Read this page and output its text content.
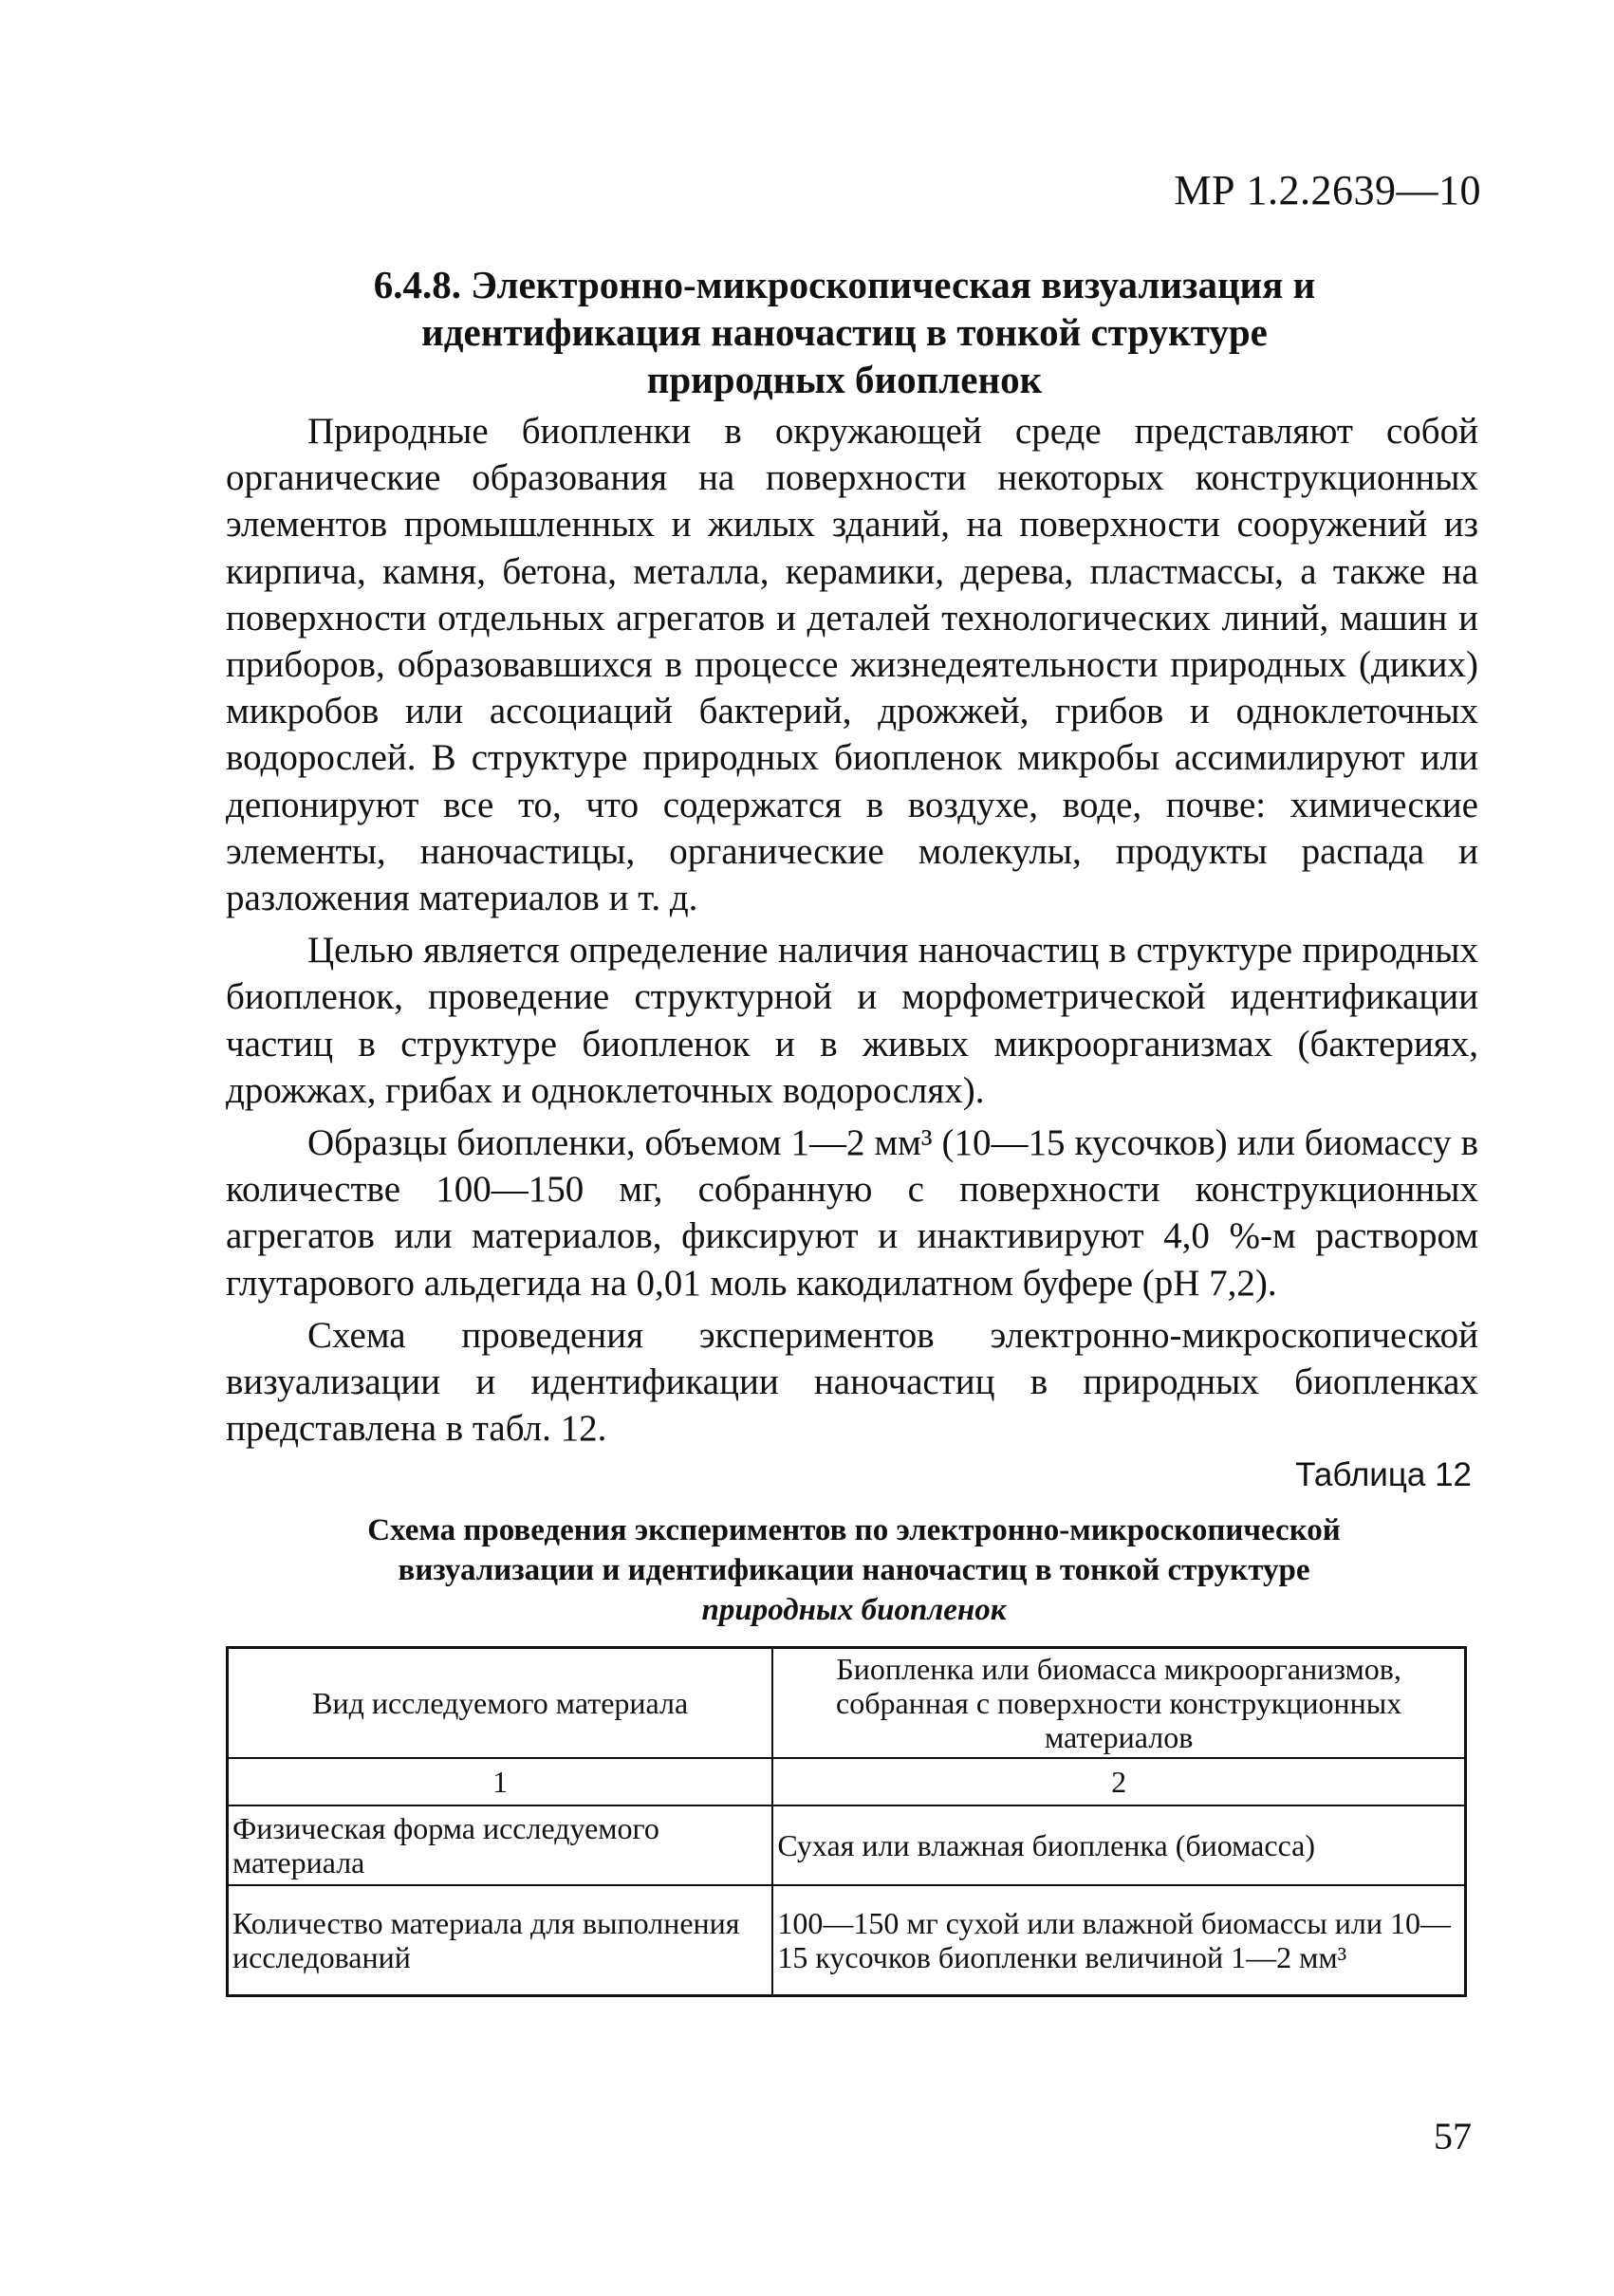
МР 1.2.2639—10
6.4.8. Электронно-микроскопическая визуализация и
идентификация наночастиц в тонкой структуре
природных биопленок

Природные биопленки в окружающей среде представляют собой органические образования на поверхности некоторых конструкционных элементов промышленных и жилых зданий, на поверхности сооружений из кирпича, камня, бетона, металла, керамики, дерева, пластмассы, а также на поверхности отдельных агрегатов и деталей технологических линий, машин и приборов, образовавшихся в процессе жизнедеятельности природных (диких) микробов или ассоциаций бактерий, дрожжей, грибов и одноклеточных водорослей. В структуре природных биопленок микробы ассимилируют или депонируют все то, что содержатся в воздухе, воде, почве: химические элементы, наночастицы, органические молекулы, продукты распада и разложения материалов и т. д.

Целью является определение наличия наночастиц в структуре природных биопленок, проведение структурной и морфометрической идентификации частиц в структуре биопленок и в живых микроорганизмах (бактериях, дрожжах, грибах и одноклеточных водорослях).

Образцы биопленки, объемом 1—2 мм³ (10—15 кусочков) или биомассу в количестве 100—150 мг, собранную с поверхности конструкционных агрегатов или материалов, фиксируют и инактивируют 4,0 %-м раствором глутарового альдегида на 0,01 моль какодилатном буфере (pH 7,2).

Схема проведения экспериментов электронно-микроскопической визуализации и идентификации наночастиц в природных биопленках представлена в табл. 12.

Таблица 12
Схема проведения экспериментов по электронно-микроскопической
визуализации и идентификации наночастиц в тонкой структуре
природных биопленок
Вид исследуемого материала	Биопленка или биомасса микроорганизмов, собранная с поверхности конструкционных материалов
1	2
Физическая форма исследуемого материала	Сухая или влажная биопленка (биомасса)
Количество материала для выполнения исследований	100—150 мг сухой или влажной биомассы или 10—15 кусочков биопленки величиной 1—2 мм³
57
